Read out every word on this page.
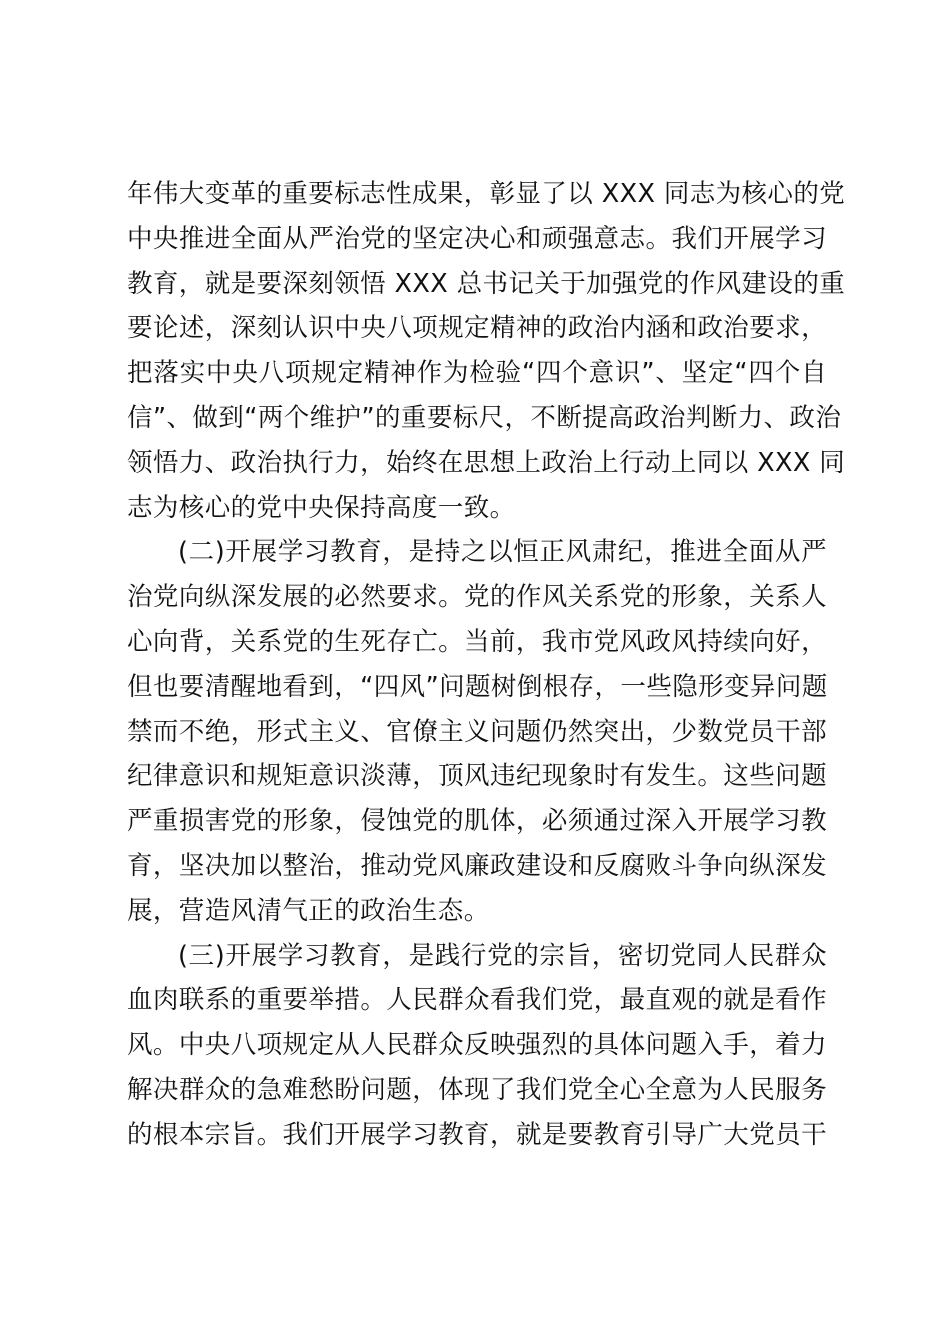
年伟大变革的重要标志性成果，彰显了以 XXX 同志为核心的党
中央推进全面从严治党的坚定决心和顽强意志。我们开展学习
教育，就是要深刻领悟 XXX 总书记关于加强党的作风建设的重
要论述，深刻认识中央八项规定精神的政治内涵和政治要求，
把落实中央八项规定精神作为检验“四个意识”、坚定“四个自
信”、做到“两个维护”的重要标尺，不断提高政治判断力、政治
领悟力、政治执行力，始终在思想上政治上行动上同以 XXX 同
志为核心的党中央保持高度一致。
(二)开展学习教育，是持之以恒正风肃纪，推进全面从严
治党向纵深发展的必然要求。党的作风关系党的形象，关系人
心向背，关系党的生死存亡。当前，我市党风政风持续向好，
但也要清醒地看到，“四风”问题树倒根存，一些隐形变异问题
禁而不绝，形式主义、官僚主义问题仍然突出，少数党员干部
纪律意识和规矩意识淡薄，顶风违纪现象时有发生。这些问题
严重损害党的形象，侵蚀党的肌体，必须通过深入开展学习教
育，坚决加以整治，推动党风廉政建设和反腐败斗争向纵深发
展，营造风清气正的政治生态。
(三)开展学习教育，是践行党的宗旨，密切党同人民群众
血肉联系的重要举措。人民群众看我们党，最直观的就是看作
风。中央八项规定从人民群众反映强烈的具体问题入手，着力
解决群众的急难愁盼问题，体现了我们党全心全意为人民服务
的根本宗旨。我们开展学习教育，就是要教育引导广大党员干
